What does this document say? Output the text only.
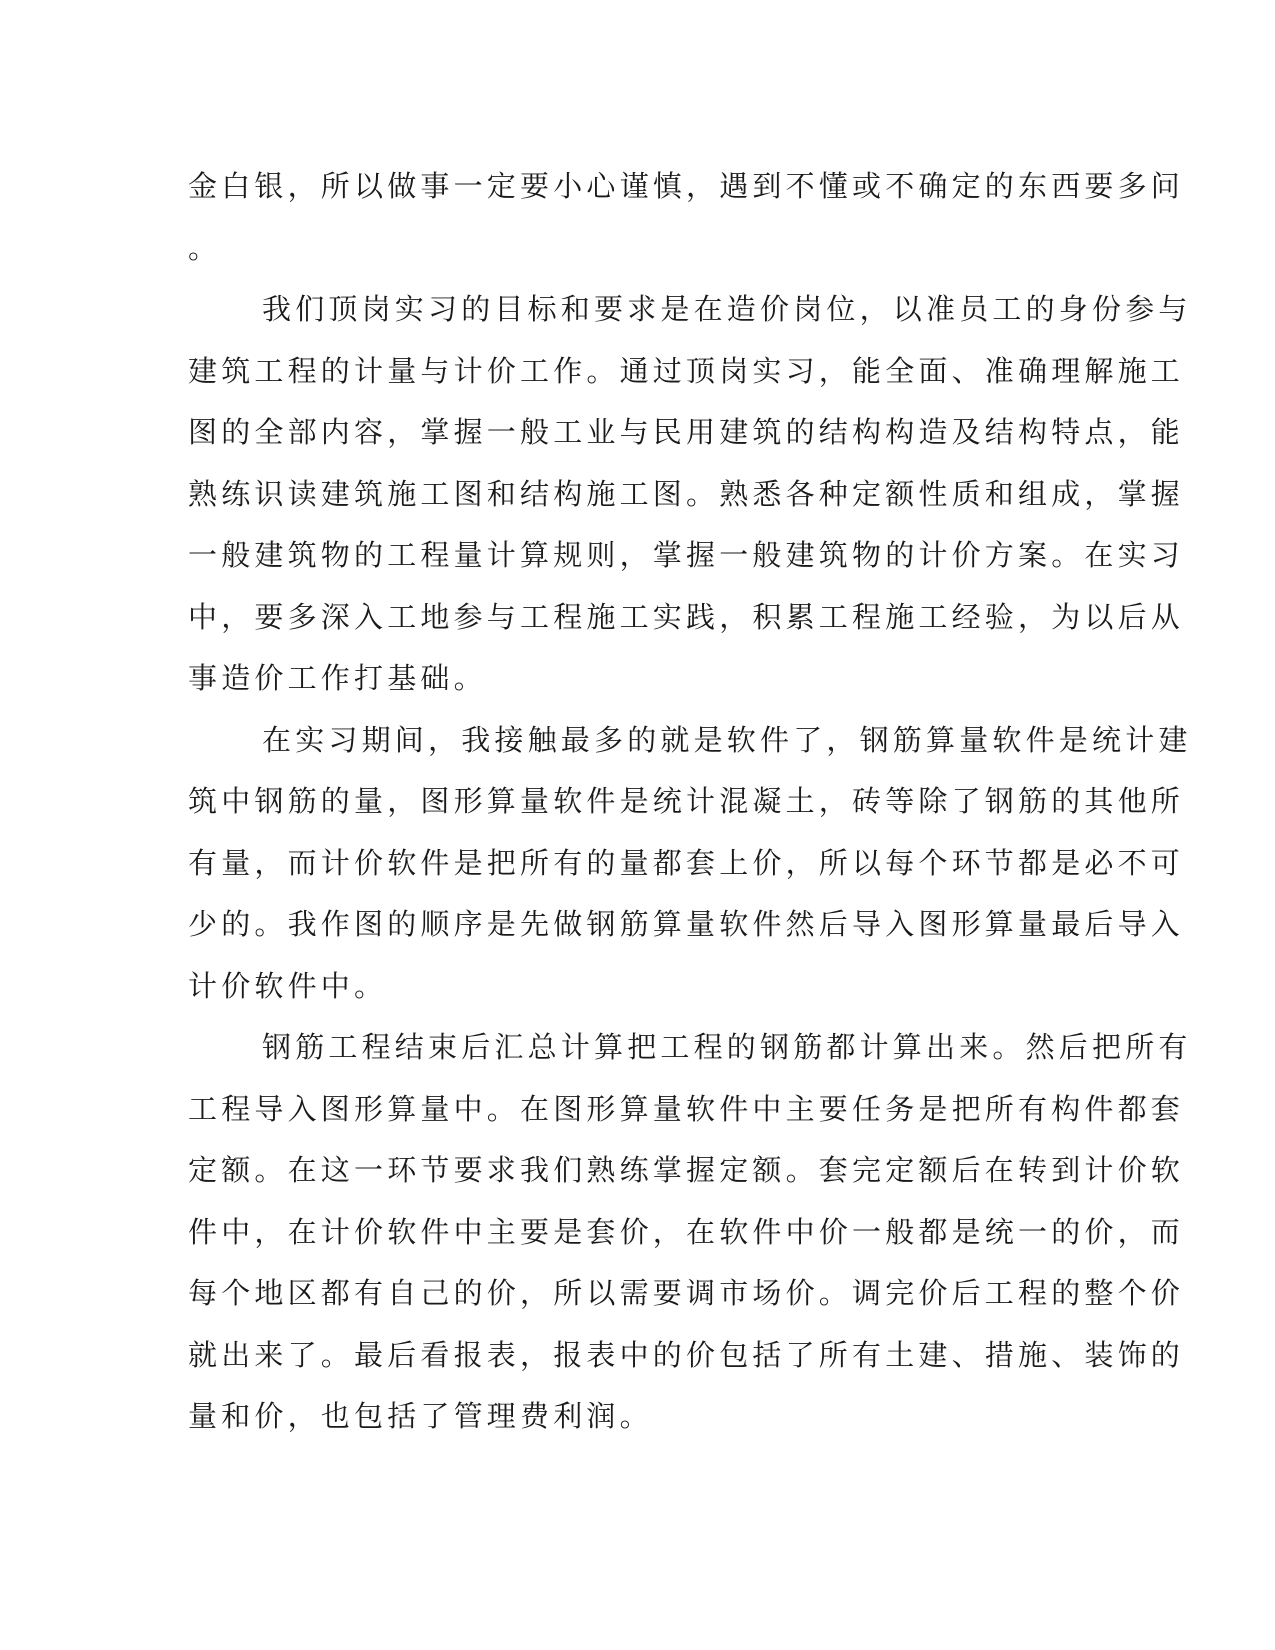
金白银，所以做事一定要小心谨慎，遇到不懂或不确定的东西要多问
。
我们顶岗实习的目标和要求是在造价岗位，以准员工的身份参与
建筑工程的计量与计价工作。通过顶岗实习，能全面、准确理解施工
图的全部内容，掌握一般工业与民用建筑的结构构造及结构特点，能
熟练识读建筑施工图和结构施工图。熟悉各种定额性质和组成，掌握
一般建筑物的工程量计算规则，掌握一般建筑物的计价方案。在实习
中，要多深入工地参与工程施工实践，积累工程施工经验，为以后从
事造价工作打基础。
在实习期间，我接触最多的就是软件了，钢筋算量软件是统计建
筑中钢筋的量，图形算量软件是统计混凝土，砖等除了钢筋的其他所
有量，而计价软件是把所有的量都套上价，所以每个环节都是必不可
少的。我作图的顺序是先做钢筋算量软件然后导入图形算量最后导入
计价软件中。
钢筋工程结束后汇总计算把工程的钢筋都计算出来。然后把所有
工程导入图形算量中。在图形算量软件中主要任务是把所有构件都套
定额。在这一环节要求我们熟练掌握定额。套完定额后在转到计价软
件中，在计价软件中主要是套价，在软件中价一般都是统一的价，而
每个地区都有自己的价，所以需要调市场价。调完价后工程的整个价
就出来了。最后看报表，报表中的价包括了所有土建、措施、装饰的
量和价，也包括了管理费利润。
